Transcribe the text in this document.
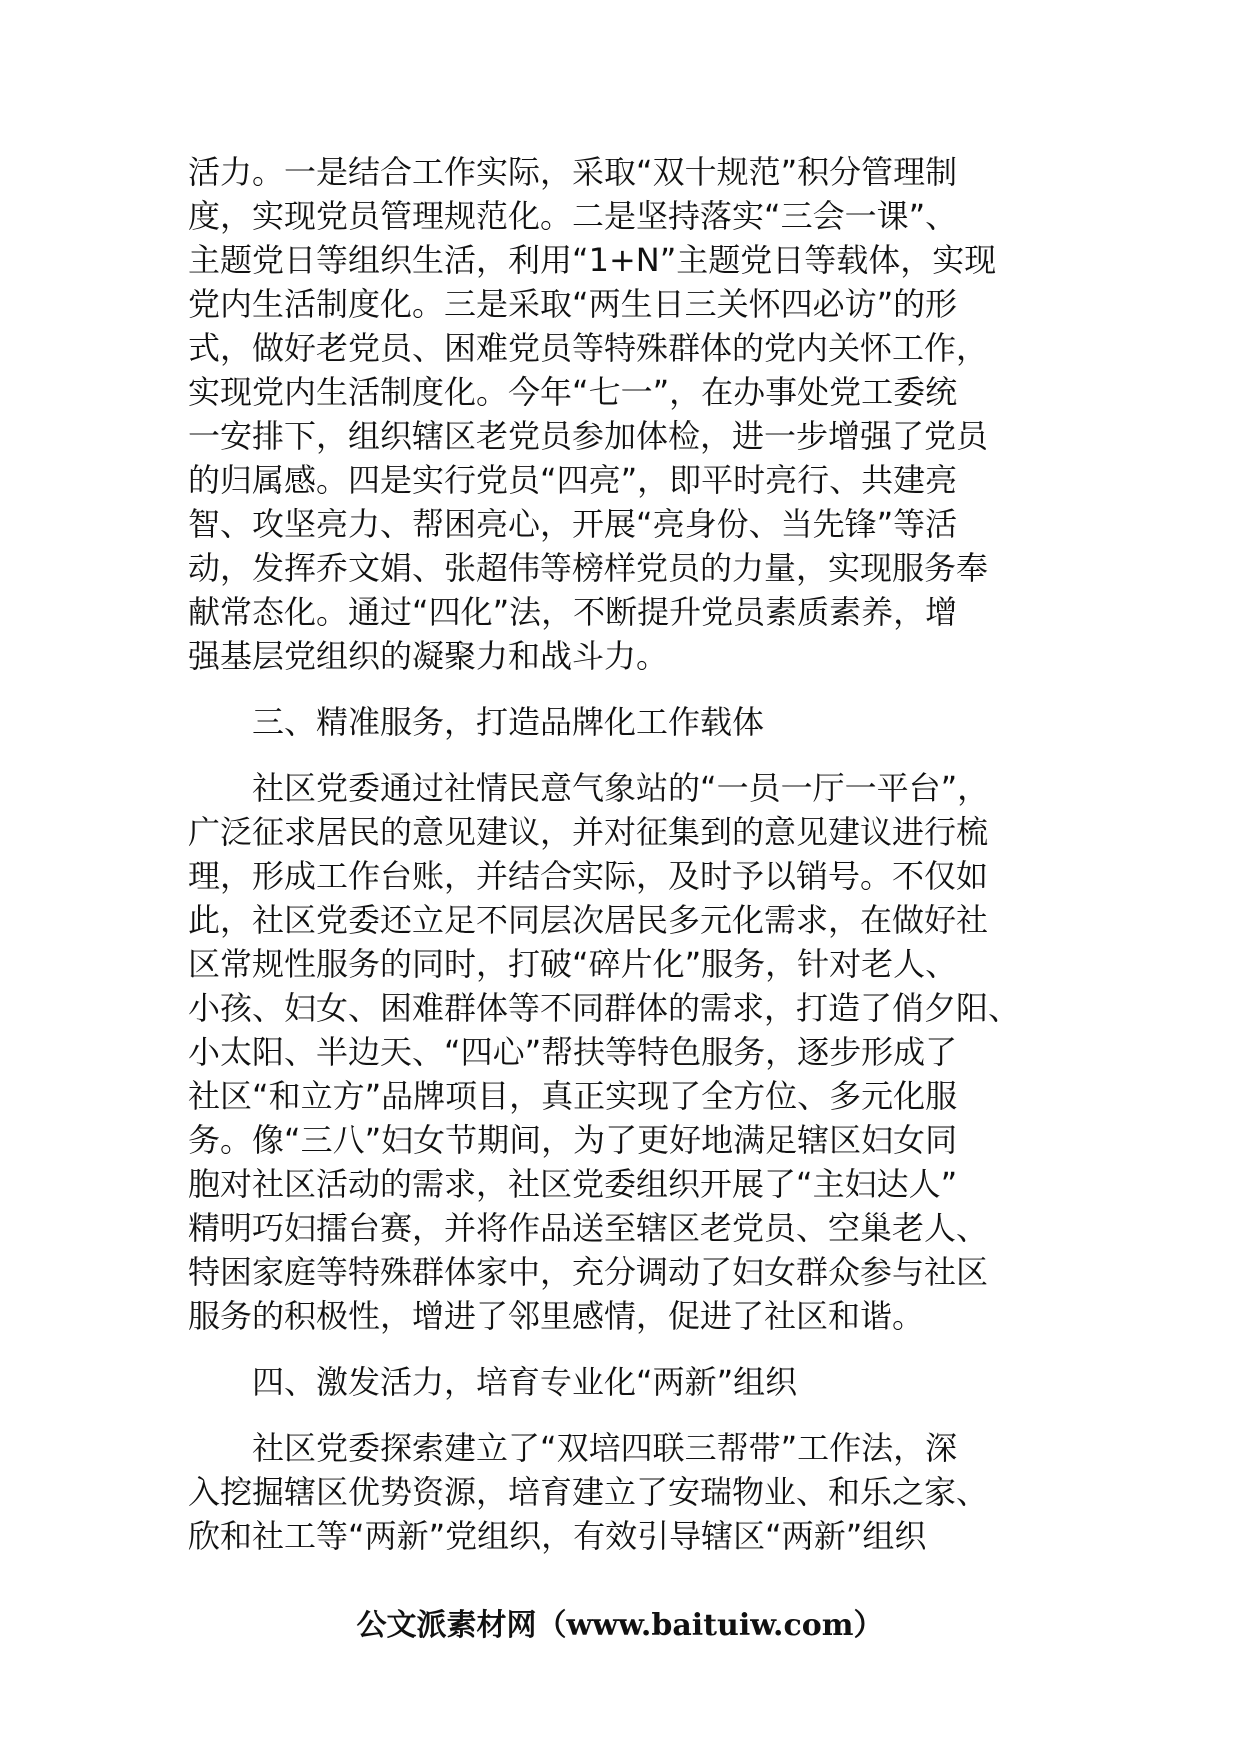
活力。一是结合工作实际，采取“双十规范”积分管理制
度，实现党员管理规范化。二是坚持落实“三会一课”、
主题党日等组织生活，利用“1+N”主题党日等载体，实现
党内生活制度化。三是采取“两生日三关怀四必访”的形
式，做好老党员、困难党员等特殊群体的党内关怀工作，
实现党内生活制度化。今年“七一”，在办事处党工委统
一安排下，组织辖区老党员参加体检，进一步增强了党员
的归属感。四是实行党员“四亮”，即平时亮行、共建亮
智、攻坚亮力、帮困亮心，开展“亮身份、当先锋”等活
动，发挥乔文娟、张超伟等榜样党员的力量，实现服务奉
献常态化。通过“四化”法，不断提升党员素质素养，增
强基层党组织的凝聚力和战斗力。
三、精准服务，打造品牌化工作载体
社区党委通过社情民意气象站的“一员一厅一平台”，
广泛征求居民的意见建议，并对征集到的意见建议进行梳
理，形成工作台账，并结合实际，及时予以销号。不仅如
此，社区党委还立足不同层次居民多元化需求，在做好社
区常规性服务的同时，打破“碎片化”服务，针对老人、
小孩、妇女、困难群体等不同群体的需求，打造了俏夕阳、
小太阳、半边天、“四心”帮扶等特色服务，逐步形成了
社区“和立方”品牌项目，真正实现了全方位、多元化服
务。像“三八”妇女节期间，为了更好地满足辖区妇女同
胞对社区活动的需求，社区党委组织开展了“主妇达人”
精明巧妇擂台赛，并将作品送至辖区老党员、空巢老人、
特困家庭等特殊群体家中，充分调动了妇女群众参与社区
服务的积极性，增进了邻里感情，促进了社区和谐。
四、激发活力，培育专业化“两新”组织
社区党委探索建立了“双培四联三帮带”工作法，深
入挖掘辖区优势资源，培育建立了安瑞物业、和乐之家、
欣和社工等“两新”党组织，有效引导辖区“两新”组织
公文派素材网（www.baituiw.com）
